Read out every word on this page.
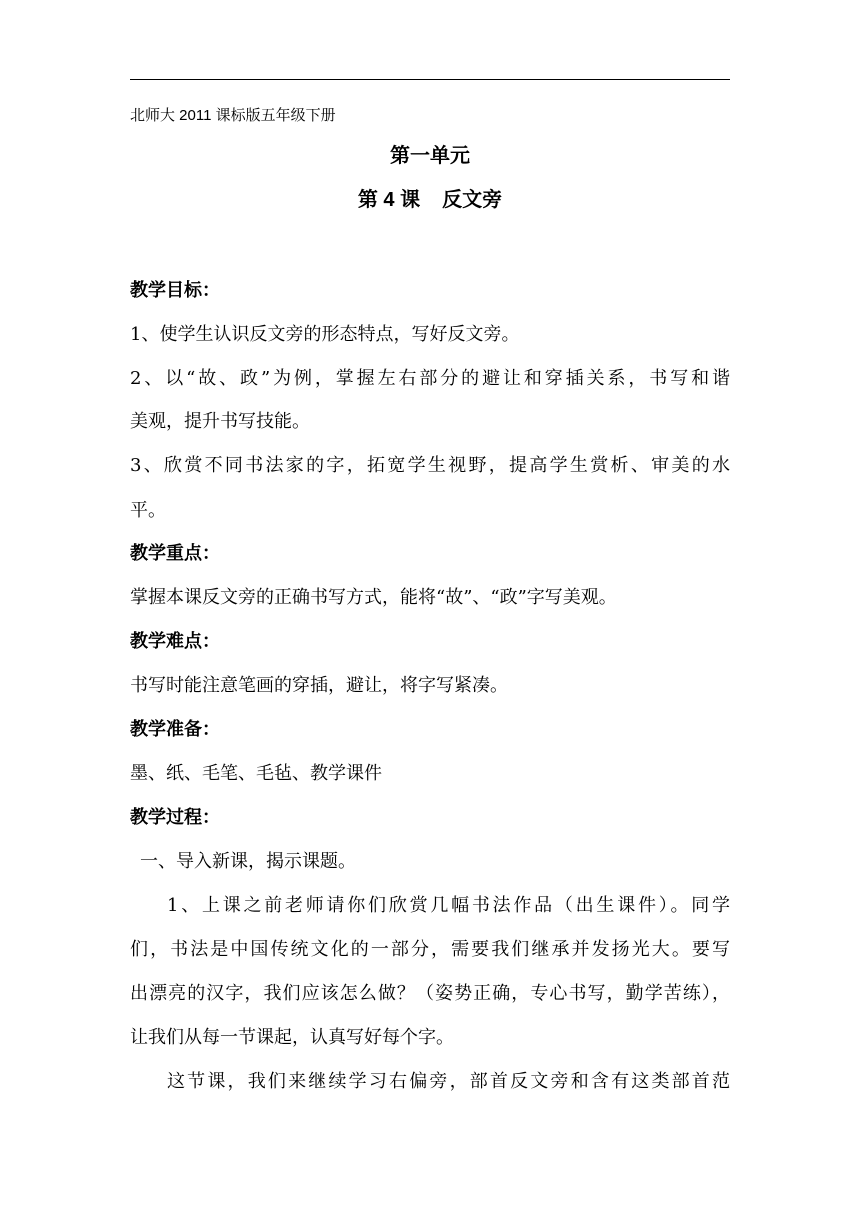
北师大 2011 课标版五年级下册

第一单元

第 4 课 反文旁

教学目标：

1、使学生认识反文旁的形态特点，写好反文旁。

2、以“故、政”为例，掌握左右部分的避让和穿插关系，书写和谐

美观，提升书写技能。

3、欣赏不同书法家的字，拓宽学生视野，提高学生赏析、审美的水

平。

教学重点：

掌握本课反文旁的正确书写方式，能将“故”、“政”字写美观。

教学难点：

书写时能注意笔画的穿插，避让，将字写紧凑。

教学准备：

墨、纸、毛笔、毛毡、教学课件

教学过程：

一、导入新课，揭示课题。

1、上课之前老师请你们欣赏几幅书法作品（出生课件）。同学

们，书法是中国传统文化的一部分，需要我们继承并发扬光大。要写

出漂亮的汉字，我们应该怎么做？（姿势正确，专心书写，勤学苦练），

让我们从每一节课起，认真写好每个字。

这节课，我们来继续学习右偏旁，部首反文旁和含有这类部首范
